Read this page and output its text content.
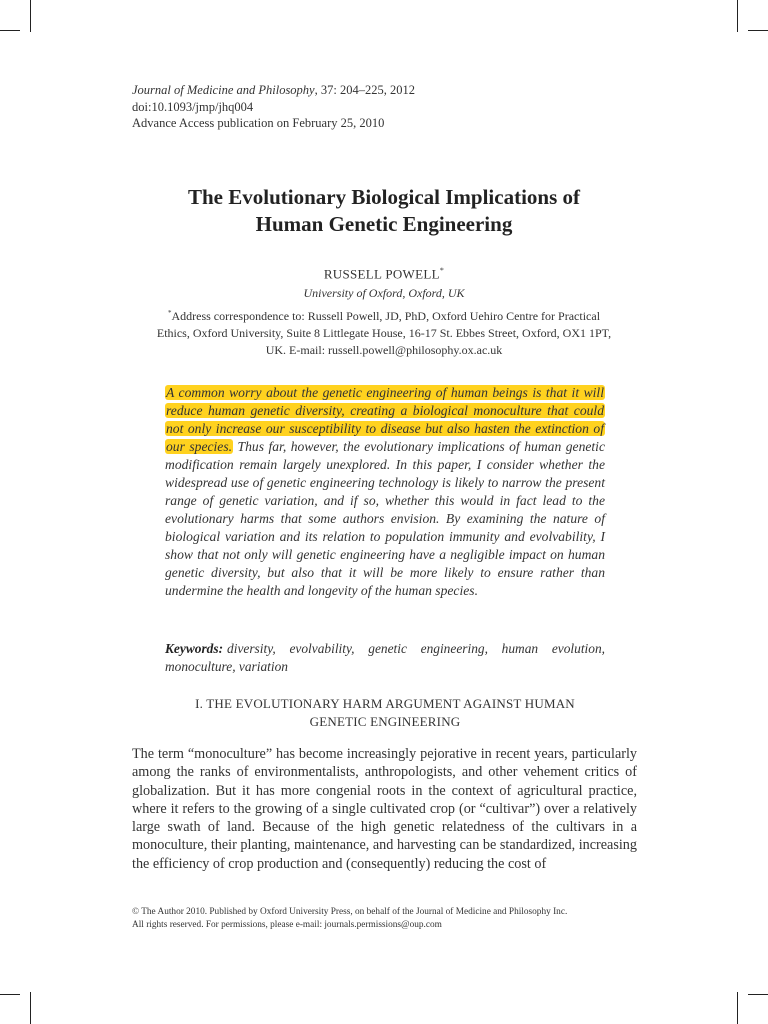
Journal of Medicine and Philosophy, 37: 204–225, 2012
doi:10.1093/jmp/jhq004
Advance Access publication on February 25, 2010
The Evolutionary Biological Implications of
Human Genetic Engineering
RUSSELL POWELL*
University of Oxford, Oxford, UK
*Address correspondence to: Russell Powell, JD, PhD, Oxford Uehiro Centre for Practical
Ethics, Oxford University, Suite 8 Littlegate House, 16-17 St. Ebbes Street, Oxford, OX1 1PT,
UK. E-mail: russell.powell@philosophy.ox.ac.uk

A common worry about the genetic engineering of human beings is that it will reduce human genetic diversity, creating a biological monoculture that could not only increase our susceptibility to disease but also hasten the extinction of our species. Thus far, however, the evolutionary implications of human genetic modification remain largely unexplored. In this paper, I consider whether the widespread use of genetic engineering technology is likely to narrow the present range of genetic variation, and if so, whether this would in fact lead to the evolutionary harms that some authors envision. By examining the nature of biological variation and its relation to population immunity and evolvability, I show that not only will genetic engineering have a negligible impact on human genetic diversity, but also that it will be more likely to ensure rather than undermine the health and longevity of the human species.

Keywords: diversity, evolvability, genetic engineering, human evolution, monoculture, variation
I. THE EVOLUTIONARY HARM ARGUMENT AGAINST HUMAN
GENETIC ENGINEERING

The term “monoculture” has become increasingly pejorative in recent years, particularly among the ranks of environmentalists, anthropologists, and other vehement critics of globalization. But it has more congenial roots in the context of agricultural practice, where it refers to the growing of a single cultivated crop (or “cultivar”) over a relatively large swath of land. Because of the high genetic relatedness of the cultivars in a monoculture, their planting, maintenance, and harvesting can be standardized, increasing the efficiency of crop production and (consequently) reducing the cost of

© The Author 2010. Published by Oxford University Press, on behalf of the Journal of Medicine and Philosophy Inc.
All rights reserved. For permissions, please e-mail: journals.permissions@oup.com
